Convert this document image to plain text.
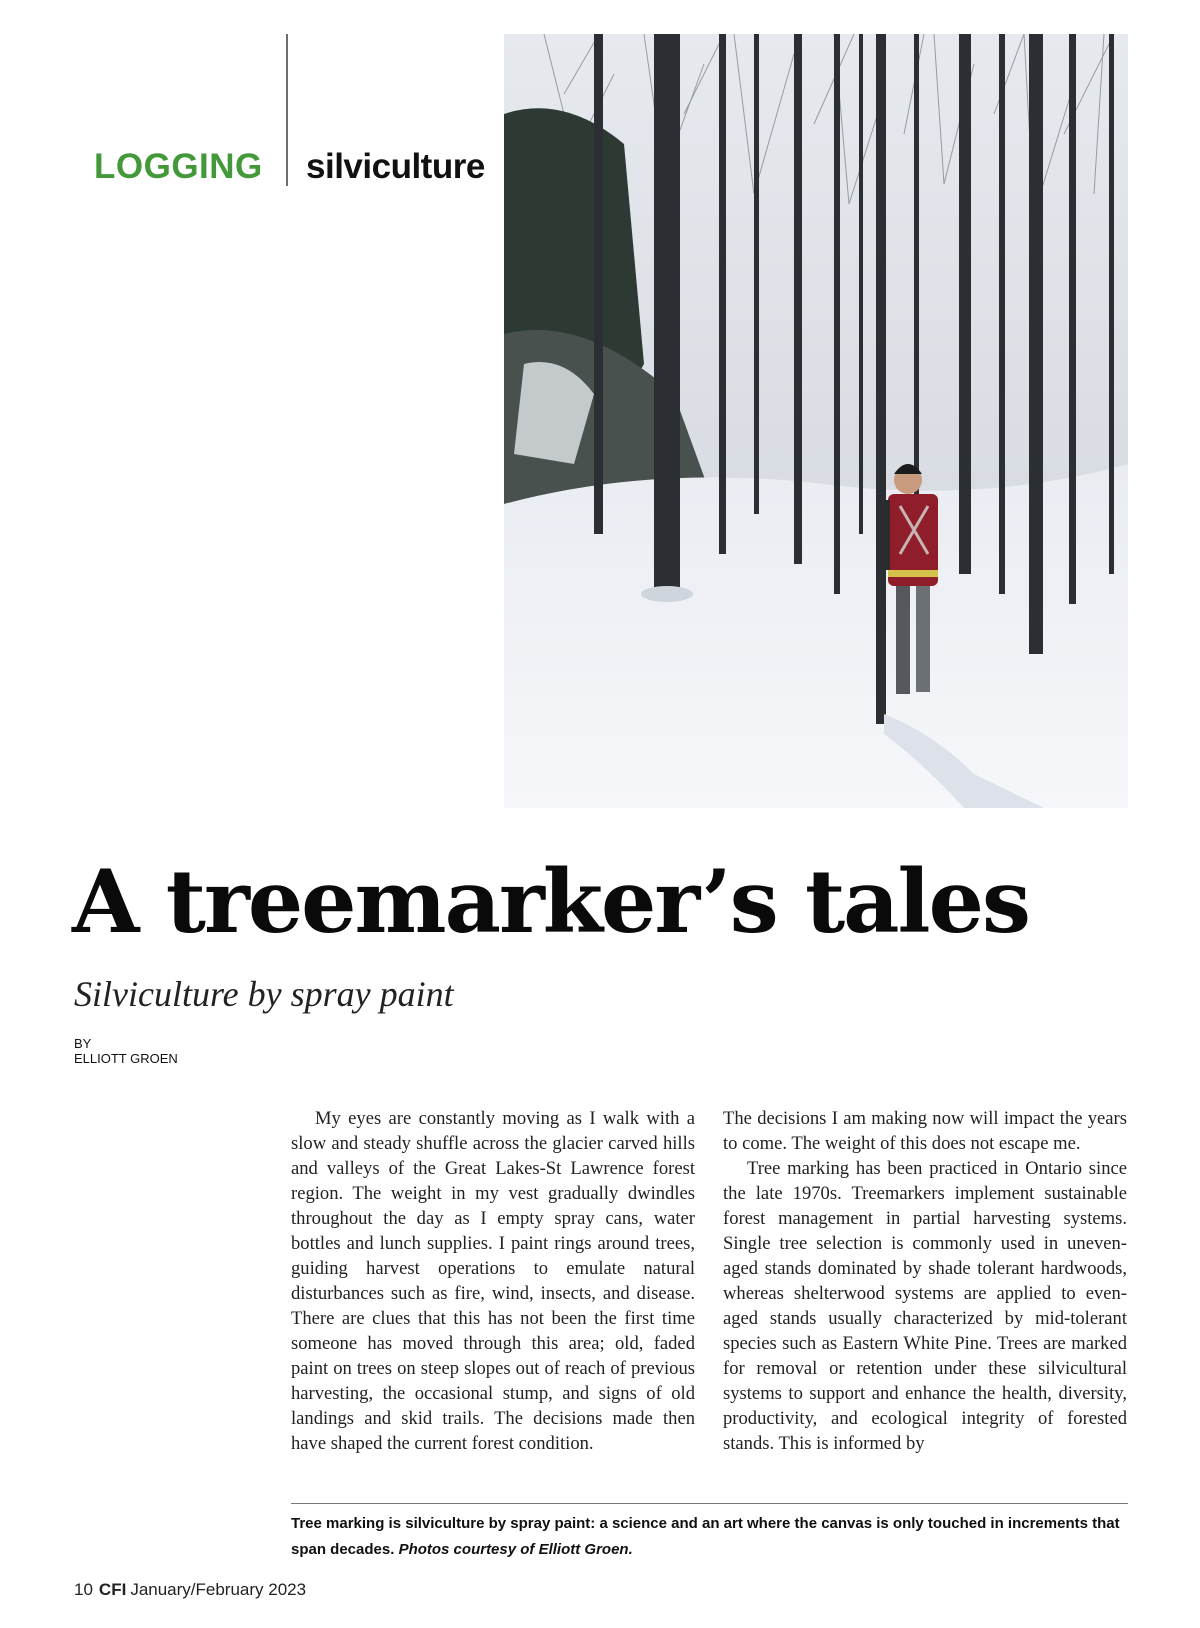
LOGGING silviculture
A treemarker’s tales
Silviculture by spray paint
BY
ELLIOTT GROEN

My eyes are constantly moving as I walk with a slow and steady shuffle across the glacier carved hills and valleys of the Great Lakes-St Lawrence forest region. The weight in my vest gradually dwindles throughout the day as I empty spray cans, water bottles and lunch supplies. I paint rings around trees, guiding harvest operations to emulate natural disturbances such as fire, wind, insects, and disease. There are clues that this has not been the first time someone has moved through this area; old, faded paint on trees on steep slopes out of reach of previous harvesting, the occasional stump, and signs of old landings and skid trails. The decisions made then have shaped the current forest condition.

The decisions I am making now will impact the years to come. The weight of this does not escape me.

Tree marking has been practiced in Ontario since the late 1970s. Treemarkers implement sustainable forest management in partial harvesting systems. Single tree selection is commonly used in uneven-aged stands dominated by shade tolerant hardwoods, whereas shelterwood systems are applied to even-aged stands usually characterized by mid-tolerant species such as Eastern White Pine. Trees are marked for removal or retention under these silvicultural systems to support and enhance the health, diversity, productivity, and ecological integrity of forested stands. This is informed by

Tree marking is silviculture by spray paint: a science and an art where the canvas is only touched in increments that span decades. Photos courtesy of Elliott Groen.
10 CFI January/February 2023
